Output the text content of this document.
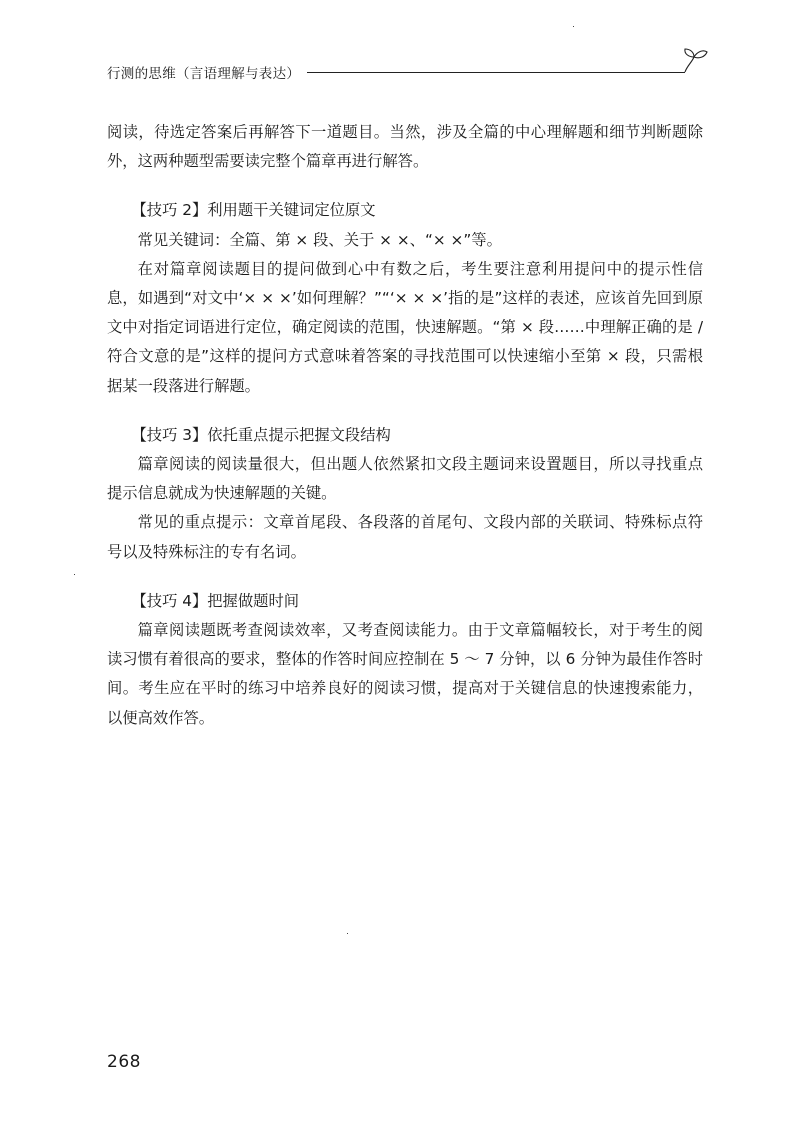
行测的思维（言语理解与表达）

阅读，待选定答案后再解答下一道题目。当然，涉及全篇的中心理解题和细节判断题除外，这两种题型需要读完整个篇章再进行解答。

【技巧 2】利用题干关键词定位原文

常见关键词：全篇、第 × 段、关于 × ×、“× ×”等。

在对篇章阅读题目的提问做到心中有数之后，考生要注意利用提问中的提示性信息，如遇到“对文中‘× × ×’如何理解？”“‘× × ×’指的是”这样的表述，应该首先回到原文中对指定词语进行定位，确定阅读的范围，快速解题。“第 × 段……中理解正确的是 / 符合文意的是”这样的提问方式意味着答案的寻找范围可以快速缩小至第 × 段，只需根据某一段落进行解题。

【技巧 3】依托重点提示把握文段结构

篇章阅读的阅读量很大，但出题人依然紧扣文段主题词来设置题目，所以寻找重点提示信息就成为快速解题的关键。

常见的重点提示：文章首尾段、各段落的首尾句、文段内部的关联词、特殊标点符号以及特殊标注的专有名词。

【技巧 4】把握做题时间

篇章阅读题既考查阅读效率，又考查阅读能力。由于文章篇幅较长，对于考生的阅读习惯有着很高的要求，整体的作答时间应控制在 5 ～ 7 分钟，以 6 分钟为最佳作答时间。考生应在平时的练习中培养良好的阅读习惯，提高对于关键信息的快速搜索能力，以便高效作答。

268
